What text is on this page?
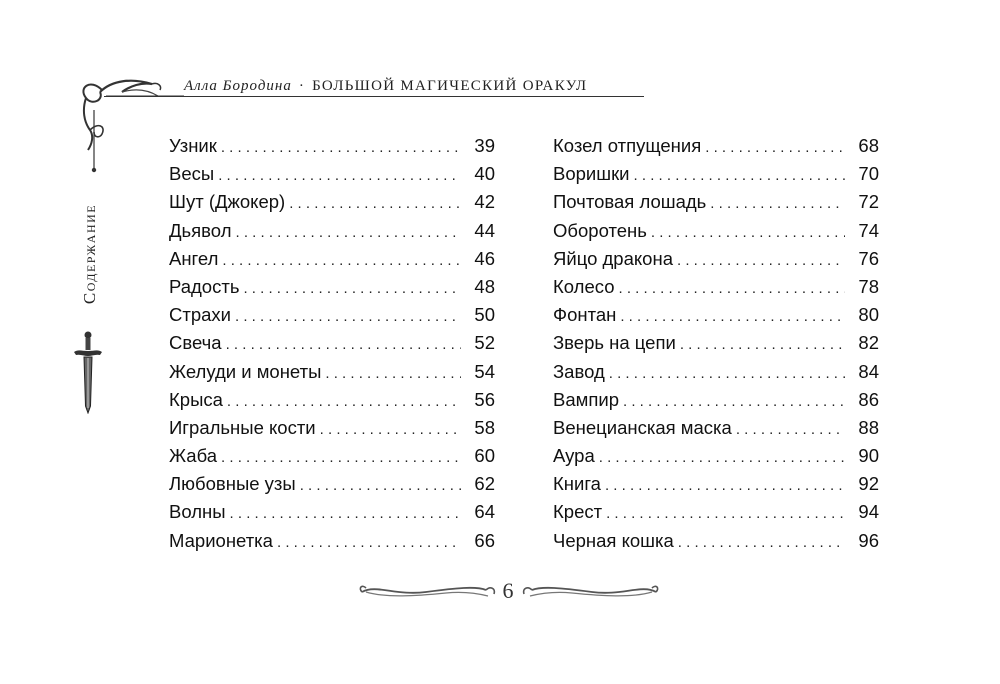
Алла Бородина · БОЛЬШОЙ МАГИЧЕСКИЙ ОРАКУЛ
Содержание
Узник . . .	39
Весы . . .	40
Шут (Джокер) . . .	42
Дьявол . . .	44
Ангел . . .	46
Радость . . .	48
Страхи . . .	50
Свеча . . .	52
Желуди и монеты . . .	54
Крыса . . .	56
Игральные кости . . .	58
Жаба . . .	60
Любовные узы . . .	62
Волны . . .	64
Марионетка . . .	66
Козел отпущения . . .	68
Воришки . . .	70
Почтовая лошадь . . .	72
Оборотень . . .	74
Яйцо дракона . . .	76
Колесо . . .	78
Фонтан . . .	80
Зверь на цепи . . .	82
Завод . . .	84
Вампир . . .	86
Венецианская маска . . .	88
Аура . . .	90
Книга . . .	92
Крест . . .	94
Черная кошка . . .	96
6
